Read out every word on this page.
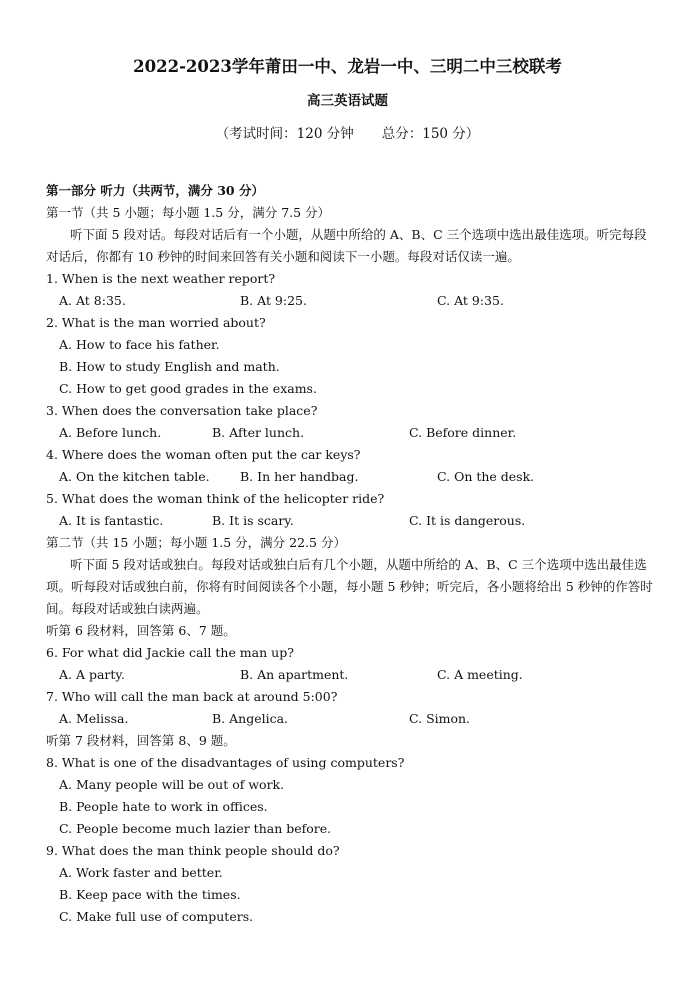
2022-2023学年莆田一中、龙岩一中、三明二中三校联考
高三英语试题
（考试时间：120 分钟 总分：150 分）
第一部分 听力（共两节，满分 30 分）
第一节（共 5 小题；每小题 1.5 分，满分 7.5 分）
听下面 5 段对话。每段对话后有一个小题，从题中所给的 A、B、C 三个选项中选出最佳选项。听完每段对话后，你都有 10 秒钟的时间来回答有关小题和阅读下一小题。每段对话仅读一遍。
1. When is the next weather report?
A. At 8:35.	B. At 9:25.	C. At 9:35.
2. What is the man worried about?
A. How to face his father.
B. How to study English and math.
C. How to get good grades in the exams.
3. When does the conversation take place?
A. Before lunch.	B. After lunch.	C. Before dinner.
4. Where does the woman often put the car keys?
A. On the kitchen table. B. In her handbag.	C. On the desk.
5. What does the woman think of the helicopter ride?
A. It is fantastic.	B. It is scary.	C. It is dangerous.
第二节（共 15 小题；每小题 1.5 分，满分 22.5 分）
听下面 5 段对话或独白。每段对话或独白后有几个小题，从题中所给的 A、B、C 三个选项中选出最佳选项。听每段对话或独白前，你将有时间阅读各个小题，每小题 5 秒钟；听完后，各小题将给出 5 秒钟的作答时间。每段对话或独白读两遍。
听第 6 段材料，回答第 6、7 题。
6. For what did Jackie call the man up?
A. A party.	B. An apartment.	C. A meeting.
7. Who will call the man back at around 5:00?
A. Melissa.	B. Angelica.	C. Simon.
听第 7 段材料，回答第 8、9 题。
8. What is one of the disadvantages of using computers?
A. Many people will be out of work.
B. People hate to work in offices.
C. People become much lazier than before.
9. What does the man think people should do?
A. Work faster and better.
B. Keep pace with the times.
C. Make full use of computers.
